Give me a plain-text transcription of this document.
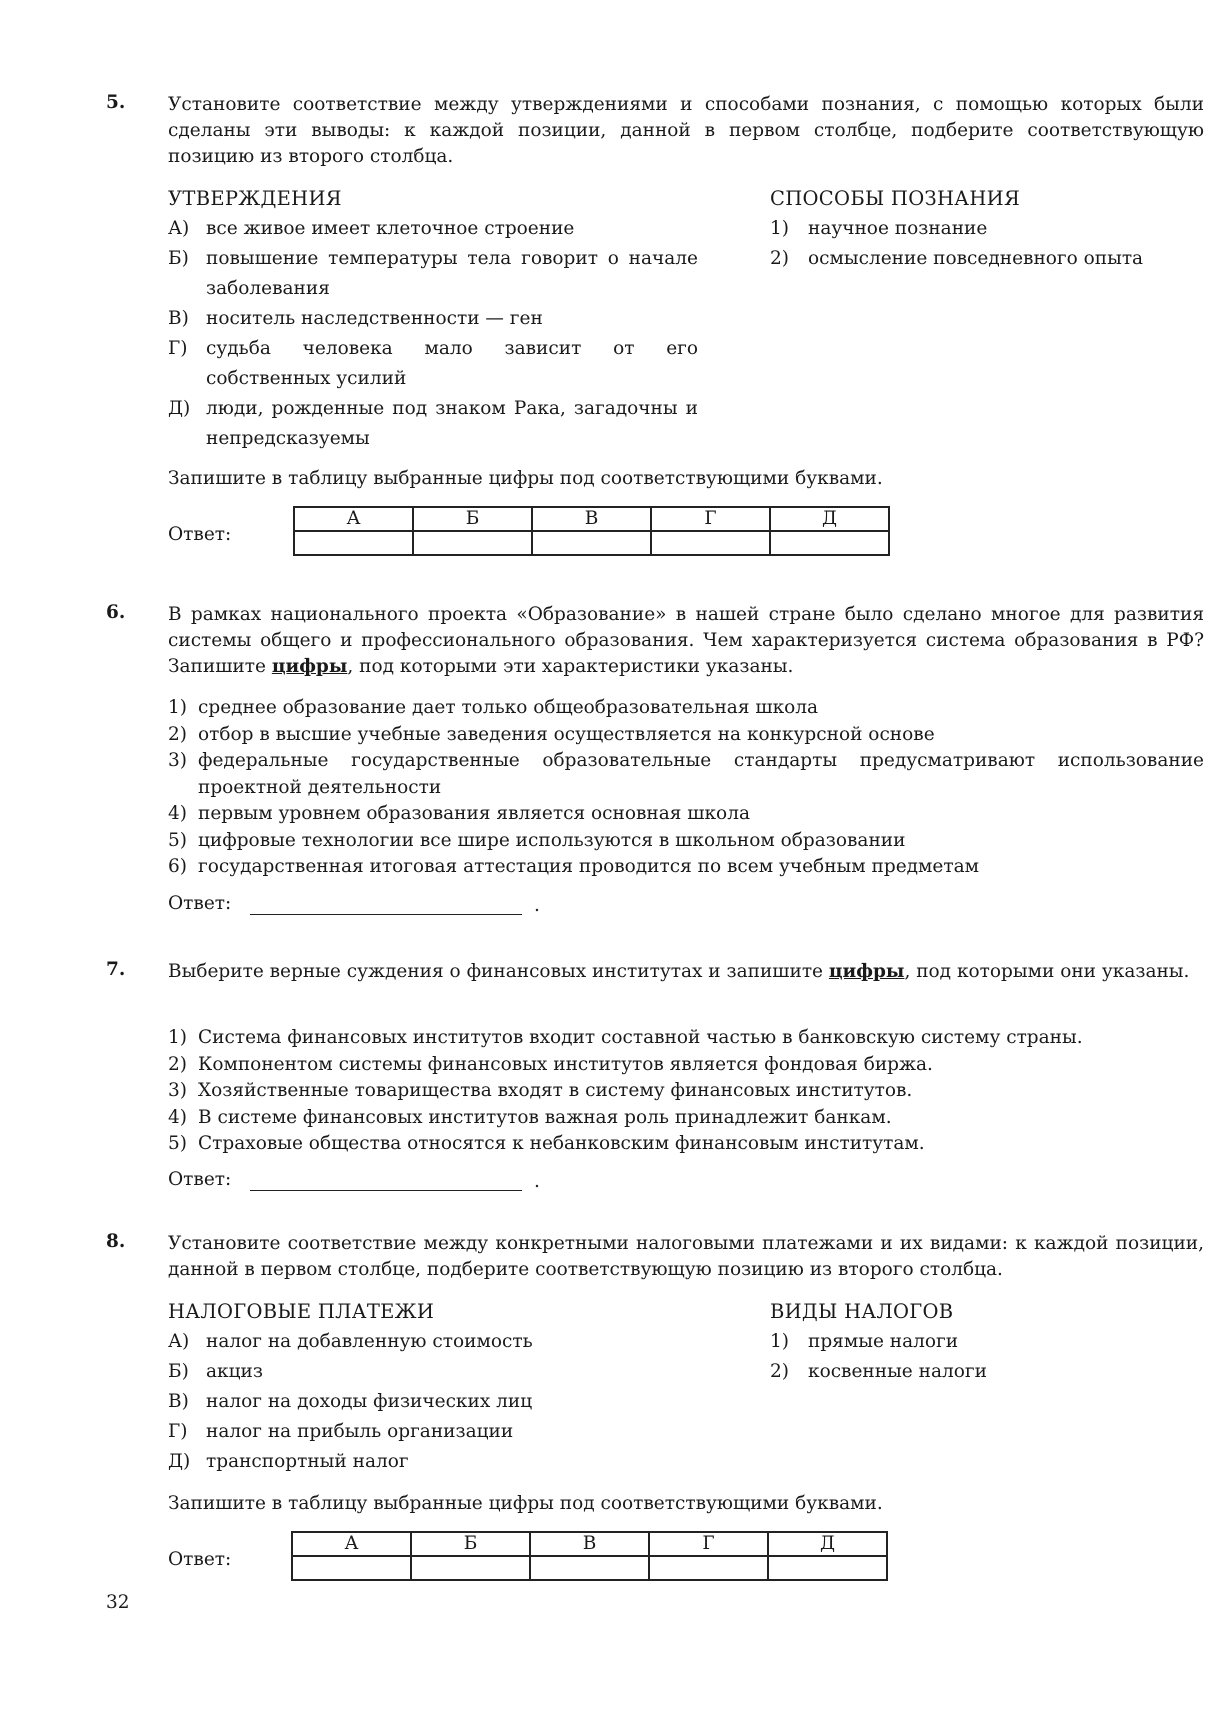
5. Установите соответствие между утверждениями и способами познания, с помощью которых были сделаны эти выводы: к каждой позиции, данной в первом столбце, подберите соответствующую позицию из второго столбца.

УТВЕРЖДЕНИЯ
А) все живое имеет клеточное строение
Б) повышение температуры тела говорит о начале заболевания
В) носитель наследственности — ген
Г)	судьба человека мало зависит от его собственных усилий
Д) люди, рожденные под знаком Рака, загадочны и непредсказуемы
СПОСОБЫ ПОЗНАНИЯ
1)	научное познание
2)	осмысление повседневного опыта
Запишите в таблицу выбранные цифры под соответствующими буквами.
Ответ:
А	Б	В	Г	Д

6. В рамках национального проекта «Образование» в нашей стране было сделано многое для развития системы общего и профессионального образования. Чем характеризуется система образования в РФ? Запишите цифры, под которыми эти характеристики указаны.

1) среднее образование дает только общеобразовательная школа
2) отбор в высшие учебные заведения осуществляется на конкурсной основе
3) федеральные государственные образовательные стандарты предусматривают использование проектной деятельности
4) первым уровнем образования является основная школа
5) цифровые технологии все шире используются в школьном образовании
6) государственная итоговая аттестация проводится по всем учебным предметам
Ответ:	.
7. Выберите верные суждения о финансовых институтах и запишите цифры, под которыми они указаны.

1) Система финансовых институтов входит составной частью в банковскую систему страны.
2) Компонентом системы финансовых институтов является фондовая биржа.
3) Хозяйственные товарищества входят в систему финансовых институтов.
4) В системе финансовых институтов важная роль принадлежит банкам.
5) Страховые общества относятся к небанковским финансовым институтам.
Ответ:	.
8. Установите соответствие между конкретными налоговыми платежами и их видами: к каждой позиции, данной в первом столбце, подберите соответствующую позицию из второго столбца.

НАЛОГОВЫЕ ПЛАТЕЖИ
А) налог на добавленную стоимость
Б) акциз
В) налог на доходы физических лиц
Г)	налог на прибыль организации
Д) транспортный налог
ВИДЫ НАЛОГОВ
1)	прямые налоги
2)	косвенные налоги
Запишите в таблицу выбранные цифры под соответствующими буквами.
Ответ:
А	Б	В	Г	Д

32
